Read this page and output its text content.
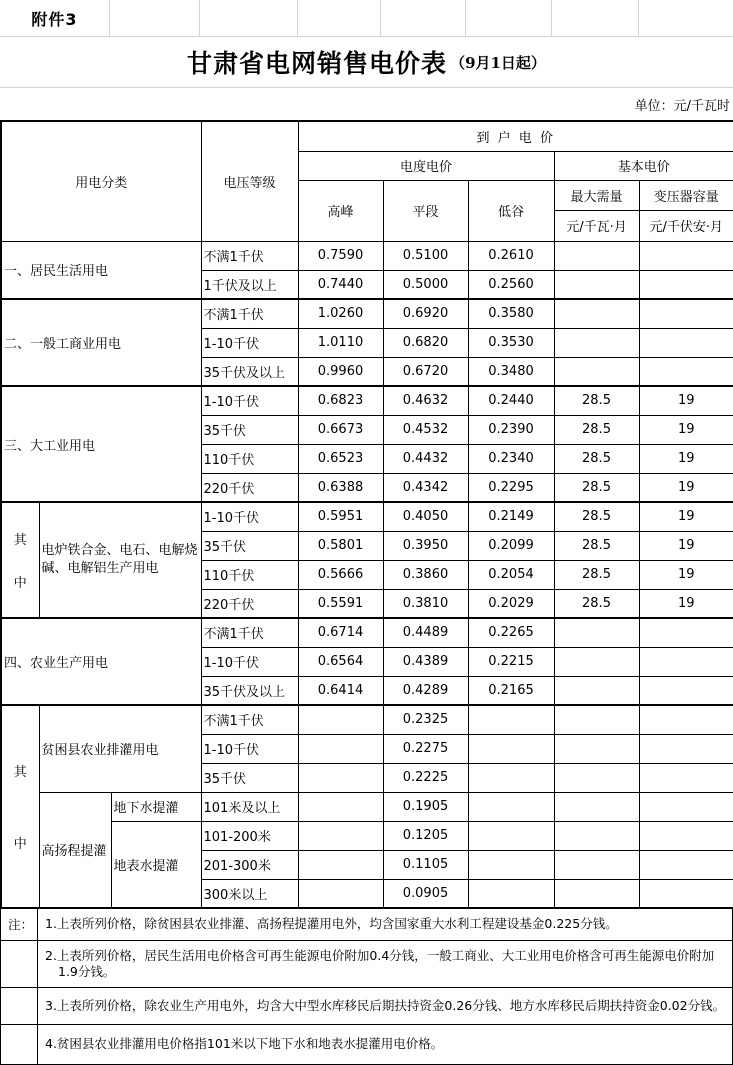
附件3
甘肃省电网销售电价表 （9月1日起）
单位：元/千瓦时
用电分类			电压等级	到 户 电 价				
				电度电价			基本电价	
				高峰	平段	低谷	最大需量	变压器容量
							元/千瓦·月	元/千伏安·月
一、居民生活用电			不满1千伏	0.7590	0.5100	0.2610		
			1千伏及以上	0.7440	0.5000	0.2560		
二、一般工商业用电			不满1千伏	1.0260	0.6920	0.3580		
			1-10千伏	1.0110	0.6820	0.3530		
			35千伏及以上	0.9960	0.6720	0.3480		
三、大工业用电			1-10千伏	0.6823	0.4632	0.2440	28.5	19
			35千伏	0.6673	0.4532	0.2390	28.5	19
			110千伏	0.6523	0.4432	0.2340	28.5	19
			220千伏	0.6388	0.4342	0.2295	28.5	19

其
中	电炉铁合金、电石、电解烧碱、电解铝生产用电		1-10千伏	0.5951	0.4050	0.2149	28.5	19
			35千伏	0.5801	0.3950	0.2099	28.5	19
			110千伏	0.5666	0.3860	0.2054	28.5	19
			220千伏	0.5591	0.3810	0.2029	28.5	19
四、农业生产用电			不满1千伏	0.6714	0.4489	0.2265		
			1-10千伏	0.6564	0.4389	0.2215		
			35千伏及以上	0.6414	0.4289	0.2165		

其
中	贫困县农业排灌用电		不满1千伏		0.2325			
			1-10千伏		0.2275			
			35千伏		0.2225			
	高扬程提灌	地下水提灌	101米及以上		0.1905			
		地表水提灌	101-200米		0.1205			
			201-300米		0.1105			
			300米以上		0.0905			
注：	1.上表所列价格，除贫困县农业排灌、高扬程提灌用电外，均含国家重大水利工程建设基金0.225分钱。
	2.上表所列价格，居民生活用电价格含可再生能源电价附加0.4分钱，一般工商业、大工业用电价格含可再生能源电价附加1.9分钱。
	3.上表所列价格，除农业生产用电外，均含大中型水库移民后期扶持资金0.26分钱、地方水库移民后期扶持资金0.02分钱。
	4.贫困县农业排灌用电价格指101米以下地下水和地表水提灌用电价格。
